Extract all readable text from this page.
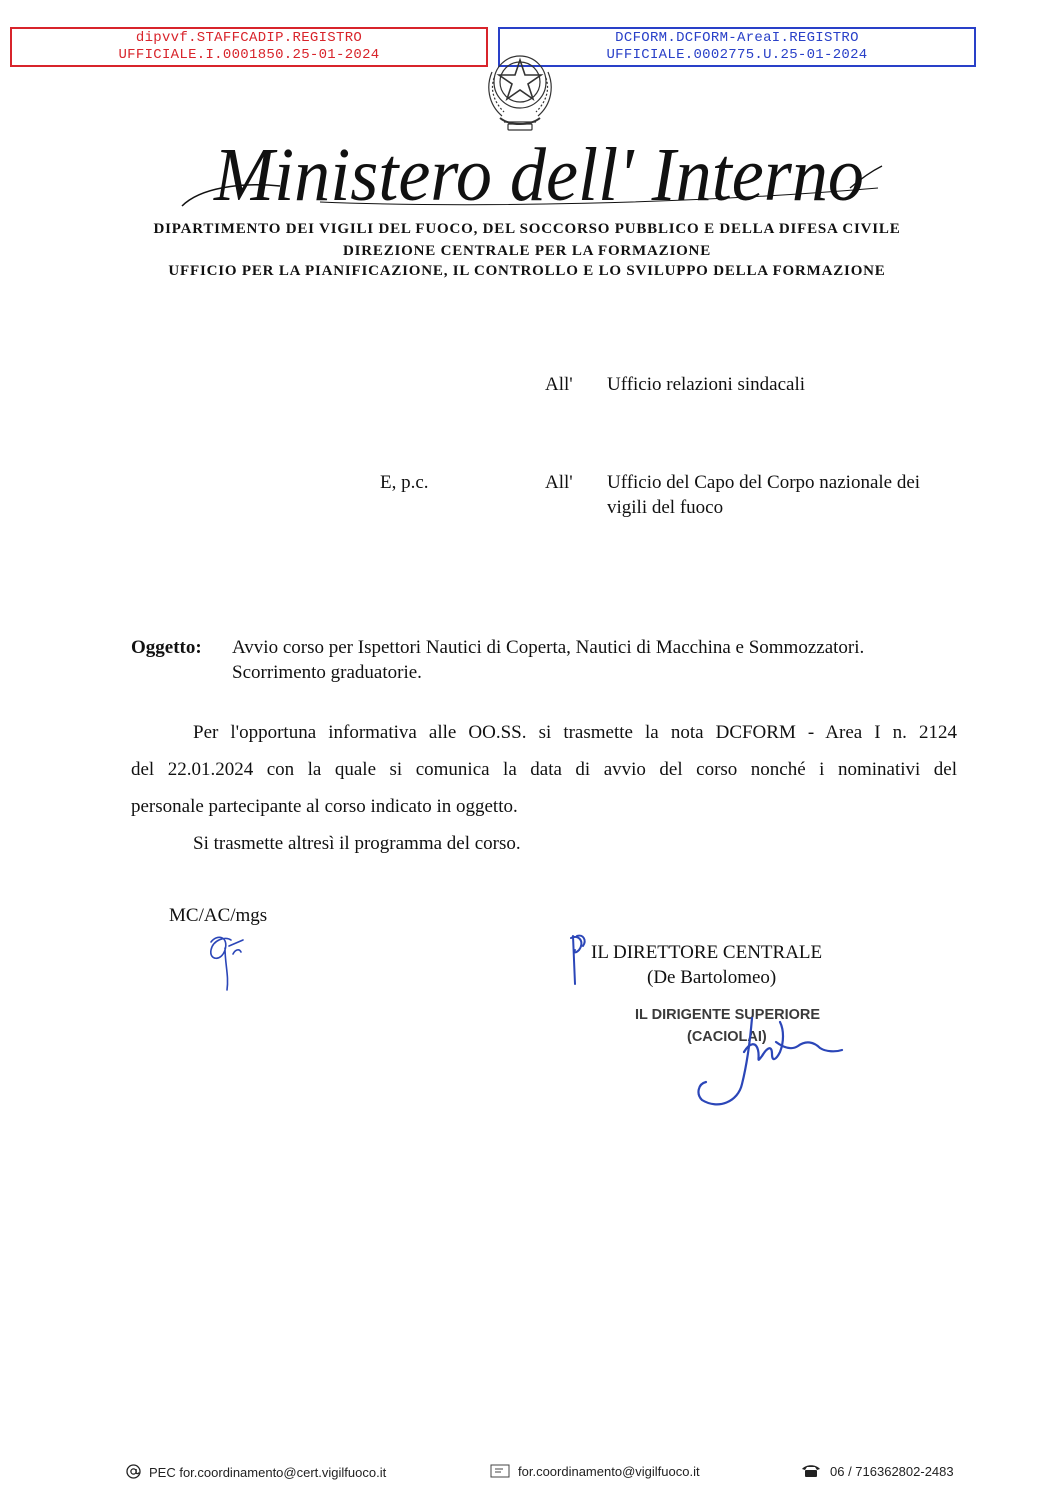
dipvvf.STAFFCADIP.REGISTRO
UFFICIALE.I.0001850.25-01-2024
DCFORM.DCFORM-AreaI.REGISTRO
UFFICIALE.0002775.U.25-01-2024
Ministero dell' Interno
DIPARTIMENTO DEI VIGILI DEL FUOCO, DEL SOCCORSO PUBBLICO E DELLA DIFESA CIVILE
DIREZIONE CENTRALE PER LA FORMAZIONE
UFFICIO PER LA PIANIFICAZIONE, IL CONTROLLO E LO SVILUPPO DELLA FORMAZIONE
All' Ufficio relazioni sindacali
E, p.c.	All' Ufficio del Capo del Corpo nazionale dei
vigili del fuoco
Oggetto: Avvio corso per Ispettori Nautici di Coperta, Nautici di Macchina e Sommozzatori.
Scorrimento graduatorie.
Per l'opportuna informativa alle OO.SS. si trasmette la nota DCFORM - Area I n. 2124
del 22.01.2024 con la quale si comunica la data di avvio del corso nonché i nominativi del
personale partecipante al corso indicato in oggetto.
Si trasmette altresì il programma del corso.
MC/AC/mgs
IL DIRETTORE CENTRALE
(De Bartolomeo)
IL DIRIGENTE SUPERIORE
(CACIOLAI)
PEC for.coordinamento@cert.vigilfuoco.it	for.coordinamento@vigilfuoco.it	06 / 716362802-2483
